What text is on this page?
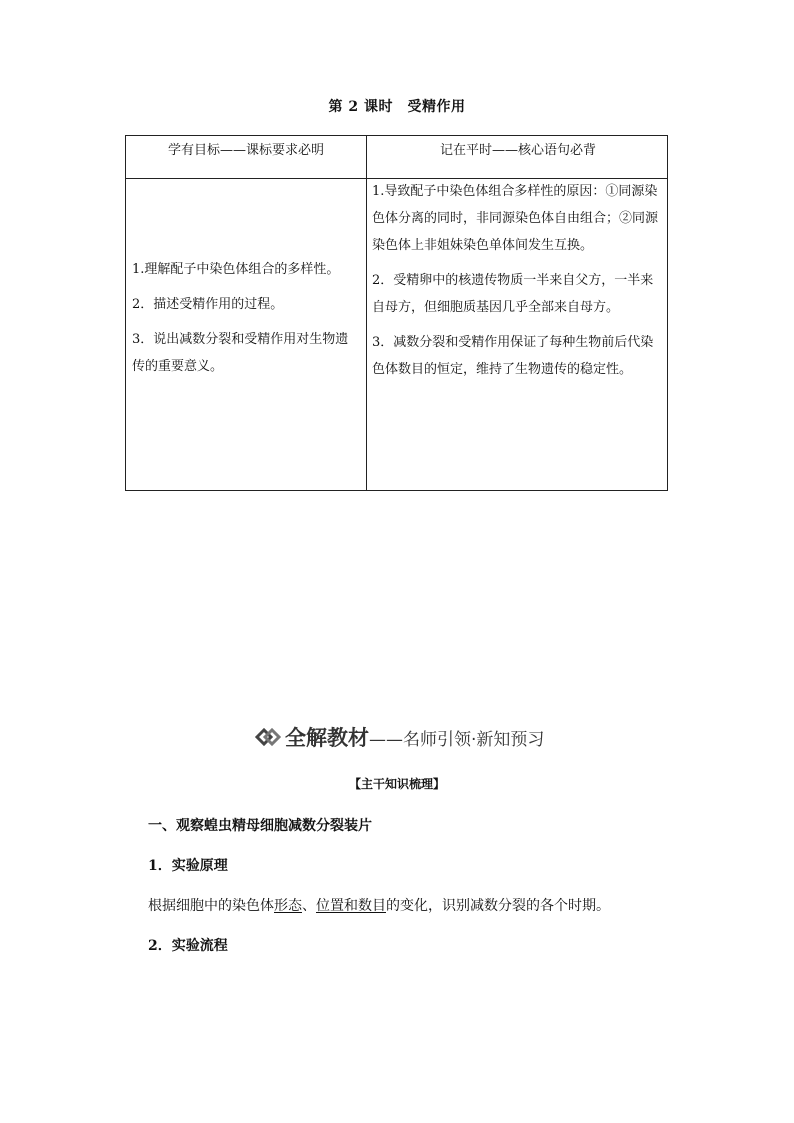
第 2 课时　受精作用
学有目标——课标要求必明	记在平时——核心语句必背

1.理解配子中染色体组合的多样性。

2．描述受精作用的过程。

3．说出减数分裂和受精作用对生物遗传的重要意义。

1.导致配子中染色体组合多样性的原因：①同源染色体分离的同时，非同源染色体自由组合；②同源染色体上非姐妹染色单体间发生互换。

2．受精卵中的核遗传物质一半来自父方，一半来自母方，但细胞质基因几乎全部来自母方。

3．减数分裂和受精作用保证了每种生物前后代染色体数目的恒定，维持了生物遗传的稳定性。

全解教材 ——名师引领·新知预习
【主干知识梳理】
一、观察蝗虫精母细胞减数分裂装片
1．实验原理
根据细胞中的染色体形态、位置和数目的变化，识别减数分裂的各个时期。
2．实验流程
